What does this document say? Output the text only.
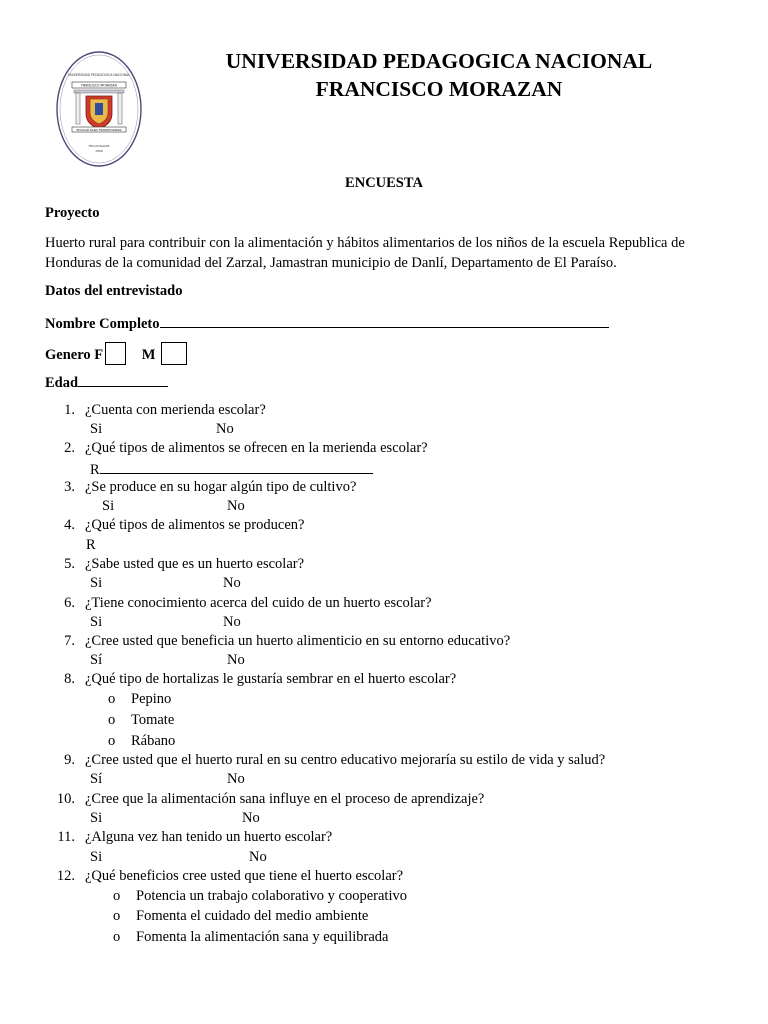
UNIVERSIDAD PEDAGOGICA NACIONAL
FRANCISCO MORAZAN
EDUCAR PARA TRANSFORMAR
TEGUCIGALPA
1956
UNIVERSIDAD PEDAGOGICA NACIONAL
FRANCISCO MORAZAN
ENCUESTA
Proyecto
Huerto rural para contribuir con la alimentación y hábitos alimentarios de los niños de la escuela Republica de
Honduras de la comunidad del Zarzal, Jamastran municipio de Danlí, Departamento de El Paraíso.
Datos del entrevistado
Nombre Completo
Genero F	M
Edad
1. ¿Cuenta con merienda escolar?
Si	No
2. ¿Qué tipos de alimentos se ofrecen en la merienda escolar?
R
3. ¿Se produce en su hogar algún tipo de cultivo?
Si	No
4. ¿Qué tipos de alimentos se producen?
R
5. ¿Sabe usted que es un huerto escolar?
Si	No
6. ¿Tiene conocimiento acerca del cuido de un huerto escolar?
Si	No
7. ¿Cree usted que beneficia un huerto alimenticio en su entorno educativo?
Sí	No
8. ¿Qué tipo de hortalizas le gustaría sembrar en el huerto escolar?
o Pepino
o Tomate
o Rábano
9. ¿Cree usted que el huerto rural en su centro educativo mejoraría su estilo de vida y salud?
Sí	No
10. ¿Cree que la alimentación sana influye en el proceso de aprendizaje?
Si	No
11. ¿Alguna vez han tenido un huerto escolar?
Si	No
12. ¿Qué beneficios cree usted que tiene el huerto escolar?
o Potencia un trabajo colaborativo y cooperativo
o Fomenta el cuidado del medio ambiente
o Fomenta la alimentación sana y equilibrada
